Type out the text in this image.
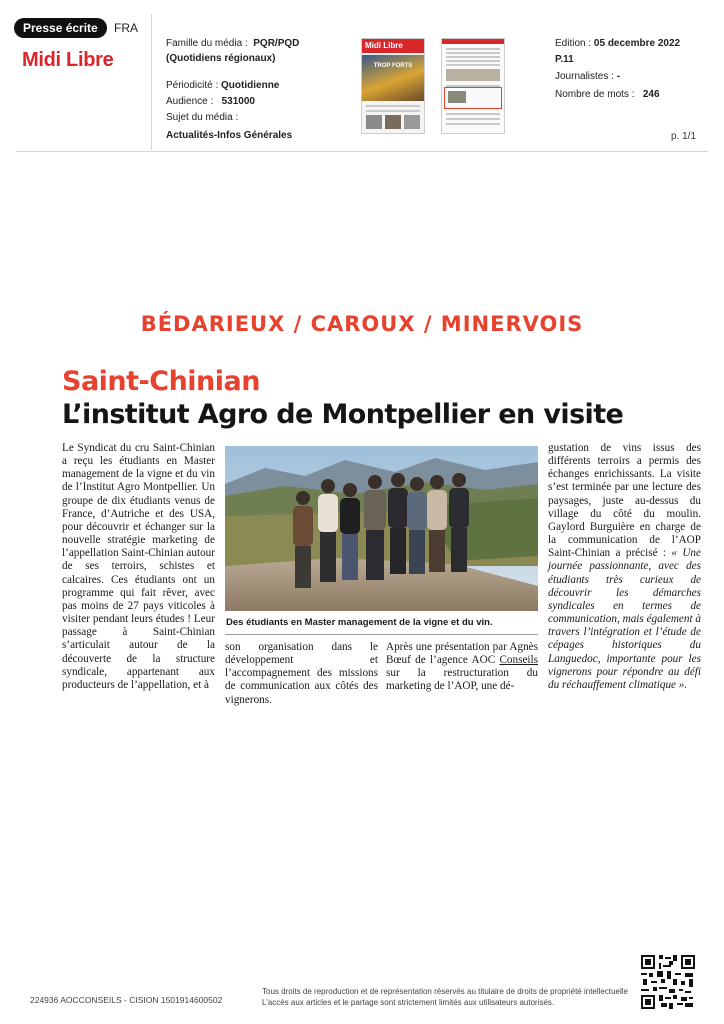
Presse écrite	FRA
Midi Libre
Famille du média : PQR/PQD
(Quotidiens régionaux)
Périodicité : Quotidienne
Audience : 531000
Sujet du média :
Actualités-Infos Générales
Midi Libre
TROP FORTS
Edition : 05 decembre 2022
P.11
Journalistes : -
Nombre de mots : 246
p. 1/1
BÉDARIEUX / CAROUX / MINERVOIS
Saint-Chinian
L’institut Agro de Montpellier en visite
Le Syndicat du cru Saint-Chinian a reçu les étudiants en Master management de la vigne et du vin de l’Institut Agro Montpellier. Un groupe de dix étudiants venus de France, d’Autriche et des USA, pour découvrir et échanger sur la nouvelle stratégie marketing de l’appellation Saint-Chinian autour de ses terroirs, schistes et calcaires. Ces étudiants ont un programme qui fait rêver, avec pas moins de 27 pays viticoles à visiter pendant leurs études ! Leur passage à Saint-Chinian s’articulait autour de la découverte de la structure syndicale, appartenant aux producteurs de l’appellation, et à
Des étudiants en Master management de la vigne et du vin.
son organisation dans le développement et l’accompagnement des missions de communication aux côtés des vignerons.
Après une présentation par Agnès Bœuf de l’agence AOC Conseils sur la restructuration du marketing de l’AOP, une dé-
gustation de vins issus des différents terroirs a permis des échanges enrichissants. La visite s’est terminée par une lecture des paysages, juste au-dessus du village du côté du moulin. Gaylord Burguière en charge de la communication de l’AOP Saint-Chinian a précisé : « Une journée passionnante, avec des étudiants très curieux de découvrir les démarches syndicales en termes de communication, mais également à travers l’intégration et l’étude de cépages historiques du Languedoc, importante pour les vignerons pour répondre au défi du réchauffement climatique ».
224936 AOCCONSEILS - CISION 1501914600502
Tous droits de reproduction et de représentation réservés au titulaire de droits de propriété intellectuelle
L’accès aux articles et le partage sont strictement limités aux utilisateurs autorisés.
